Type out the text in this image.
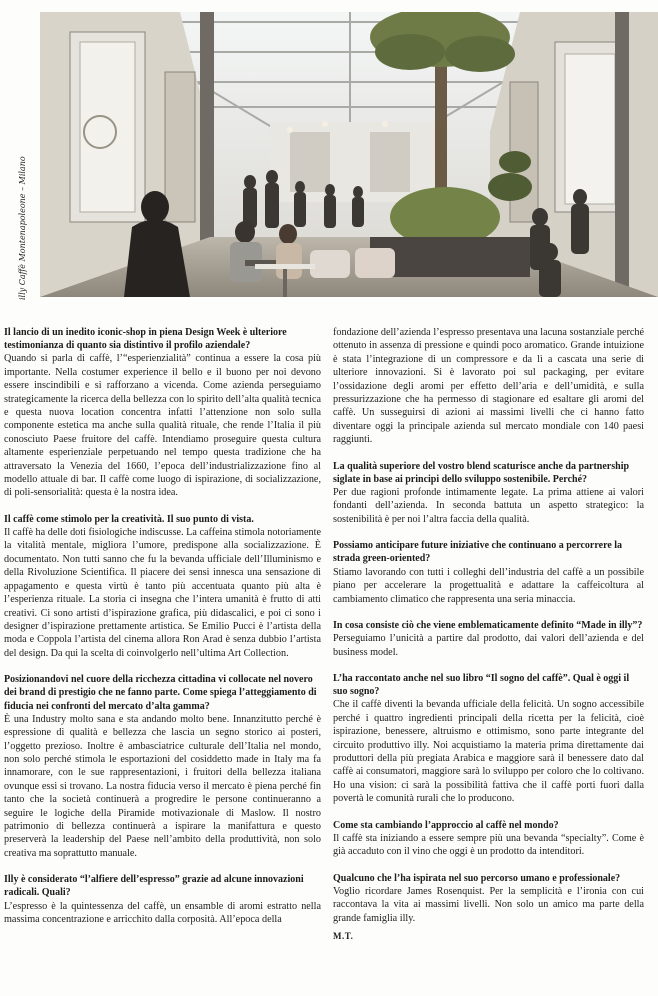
illy Caffè Montenapoleone – Milano

Il lancio di un inedito iconic-shop in piena Design Week è ulteriore testimonianza di quanto sia distintivo il profilo aziendale?

Quando si parla di caffè, l’“esperienzialità” continua a essere la cosa più importante. Nella costumer experience il bello e il buono per noi devono essere inscindibili e si rafforzano a vicenda. Come azienda perseguiamo strategicamente la ricerca della bellezza con lo spirito dell’alta qualità tecnica e questa nuova location concentra infatti l’attenzione non solo sulla componente estetica ma anche sulla qualità rituale, che rende l’Italia il più conosciuto Paese fruitore del caffè. Intendiamo proseguire questa cultura altamente esperienziale perpetuando nel tempo questa tradizione che ha attraversato la Venezia del 1660, l’epoca dell’industrializzazione fino al modello attuale di bar. Il caffè come luogo di ispirazione, di socializzazione, di poli-sensorialità: questa è la nostra idea.

Il caffè come stimolo per la creatività. Il suo punto di vista.

Il caffè ha delle doti fisiologiche indiscusse. La caffeina stimola notoriamente la vitalità mentale, migliora l’umore, predispone alla socializzazione. È documentato. Non tutti sanno che fu la bevanda ufficiale dell’Illuminismo e della Rivoluzione Scientifica. Il piacere dei sensi innesca una sensazione di appagamento e questa virtù è tanto più accentuata quanto più alta è l’esperienza rituale. La storia ci insegna che l’intera umanità è frutto di atti creativi. Ci sono artisti d’ispirazione grafica, più didascalici, e poi ci sono i designer d’ispirazione prettamente artistica. Se Emilio Pucci è l’artista della moda e Coppola l’artista del cinema allora Ron Arad è senza dubbio l’artista del design. Da qui la scelta di coinvolgerlo nell’ultima Art Collection.

Posizionandovi nel cuore della ricchezza cittadina vi collocate nel novero dei brand di prestigio che ne fanno parte. Come spiega l’atteggiamento di fiducia nei confronti del mercato d’alta gamma?

È una Industry molto sana e sta andando molto bene. Innanzitutto perché è espressione di qualità e bellezza che lascia un segno storico ai posteri, l’oggetto prezioso. Inoltre è ambasciatrice culturale dell’Italia nel mondo, non solo perché stimola le esportazioni del cosiddetto made in Italy ma fa innamorare, con le sue rappresentazioni, i fruitori della bellezza italiana ovunque essi si trovano. La nostra fiducia verso il mercato è piena perché fin tanto che la società continuerà a progredire le persone continueranno a seguire le logiche della Piramide motivazionale di Maslow. Il nostro patrimonio di bellezza continuerà a ispirare la manifattura e questo preserverà la leadership del Paese nell’ambito della produttività, non solo creativa ma soprattutto manuale.

Illy è considerato “l’alfiere dell’espresso” grazie ad alcune innovazioni radicali. Quali?

L’espresso è la quintessenza del caffè, un ensamble di aromi estratto nella massima concentrazione e arricchito dalla corposità. All’epoca della

fondazione dell’azienda l’espresso presentava una lacuna sostanziale perché ottenuto in assenza di pressione e quindi poco aromatico. Grande intuizione è stata l’integrazione di un compressore e da lì a cascata una serie di ulteriore innovazioni. Si è lavorato poi sul packaging, per evitare l’ossidazione degli aromi per effetto dell’aria e dell’umidità, e sulla pressurizzazione che ha permesso di stagionare ed esaltare gli aromi del caffè. Un susseguirsi di azioni ai massimi livelli che ci hanno fatto diventare oggi la principale azienda sul mercato mondiale con 140 paesi raggiunti.

La qualità superiore del vostro blend scaturisce anche da partnership siglate in base ai principi dello sviluppo sostenibile. Perché?

Per due ragioni profonde intimamente legate. La prima attiene ai valori fondanti dell’azienda. In seconda battuta un aspetto strategico: la sostenibilità è per noi l’altra faccia della qualità.

Possiamo anticipare future iniziative che continuano a percorrere la strada green-oriented?

Stiamo lavorando con tutti i colleghi dell’industria del caffè a un possibile piano per accelerare la progettualità e adattare la caffeicoltura al cambiamento climatico che rappresenta una seria minaccia.

In cosa consiste ciò che viene emblematicamente definito “Made in illy”?

Perseguiamo l’unicità a partire dal prodotto, dai valori dell’azienda e del business model.

L’ha raccontato anche nel suo libro “Il sogno del caffè”. Qual è oggi il suo sogno?

Che il caffè diventi la bevanda ufficiale della felicità. Un sogno accessibile perché i quattro ingredienti principali della ricetta per la felicità, cioè ispirazione, benessere, altruismo e ottimismo, sono parte integrante del circuito produttivo illy. Noi acquistiamo la materia prima direttamente dai produttori della più pregiata Arabica e maggiore sarà il benessere dato dal caffè ai consumatori, maggiore sarà lo sviluppo per coloro che lo coltivano. Ho una vision: ci sarà la possibilità fattiva che il caffè porti fuori dalla povertà le comunità rurali che lo producono.

Come sta cambiando l’approccio al caffè nel mondo?

Il caffè sta iniziando a essere sempre più una bevanda “specialty”. Come è già accaduto con il vino che oggi è un prodotto da intenditori.

Qualcuno che l’ha ispirata nel suo percorso umano e professionale?

Voglio ricordare James Rosenquist. Per la semplicità e l’ironia con cui raccontava la vita ai massimi livelli. Non solo un amico ma parte della grande famiglia illy.

M.T.
